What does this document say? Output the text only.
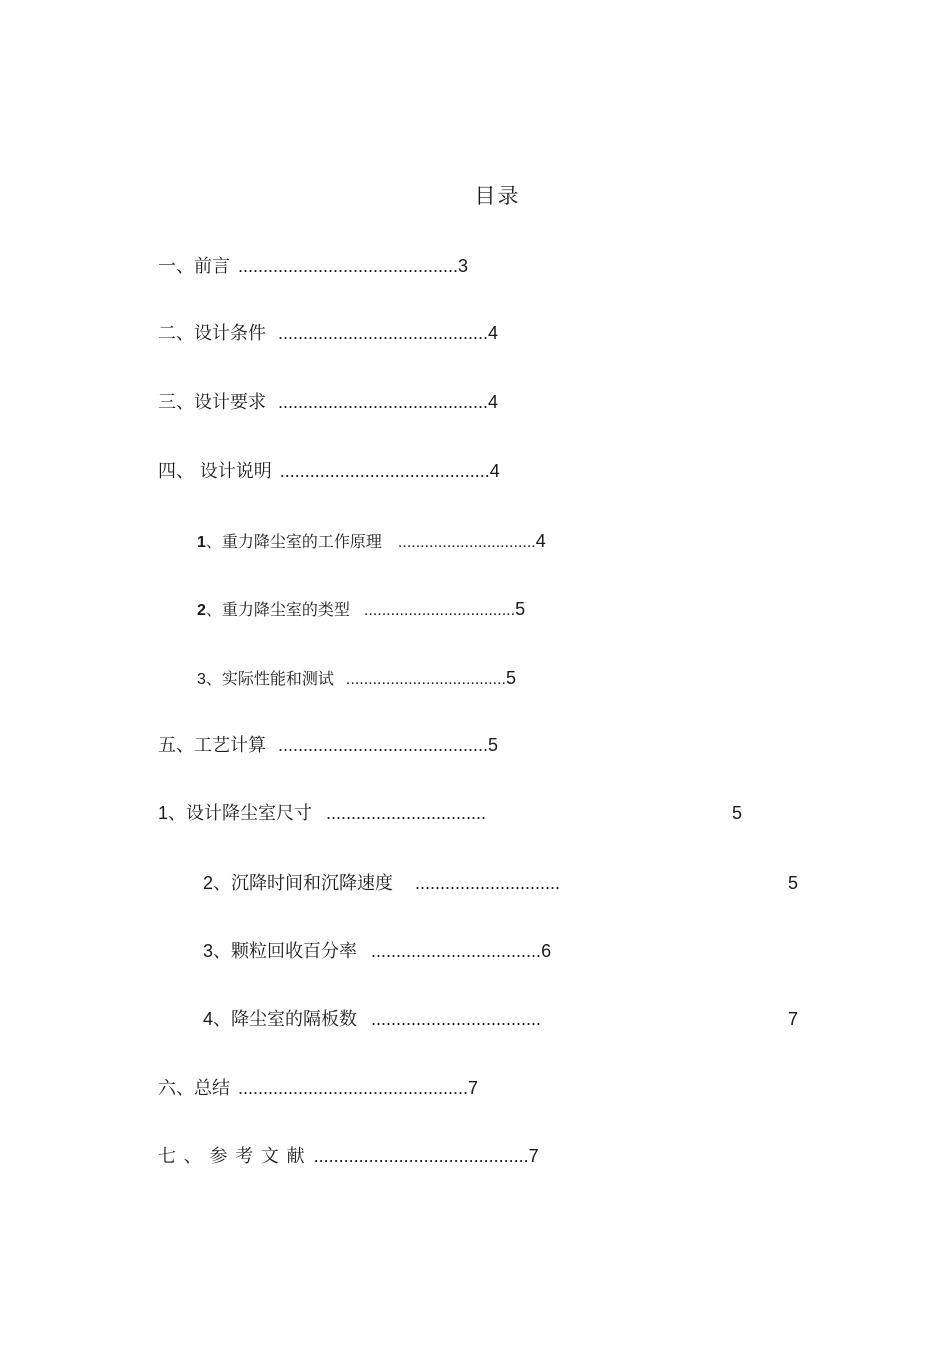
目录
一、前言 ............................................3
二、设计条件 ..........................................4
三、设计要求 ..........................................4
四、 设计说明 ..........................................4
1、重力降尘室的工作原理 ...............................4
2、重力降尘室的类型 ..................................5
3、实际性能和测试 ....................................5
五、工艺计算 ..........................................5
1、设计降尘室尺寸 ................................	5
2、沉降时间和沉降速度 .............................	5
3、颗粒回收百分率 ..................................6
4、降尘室的隔板数 ..................................	7
六、总结 ..............................................7
七 、 参 考 文 献 ...........................................7
